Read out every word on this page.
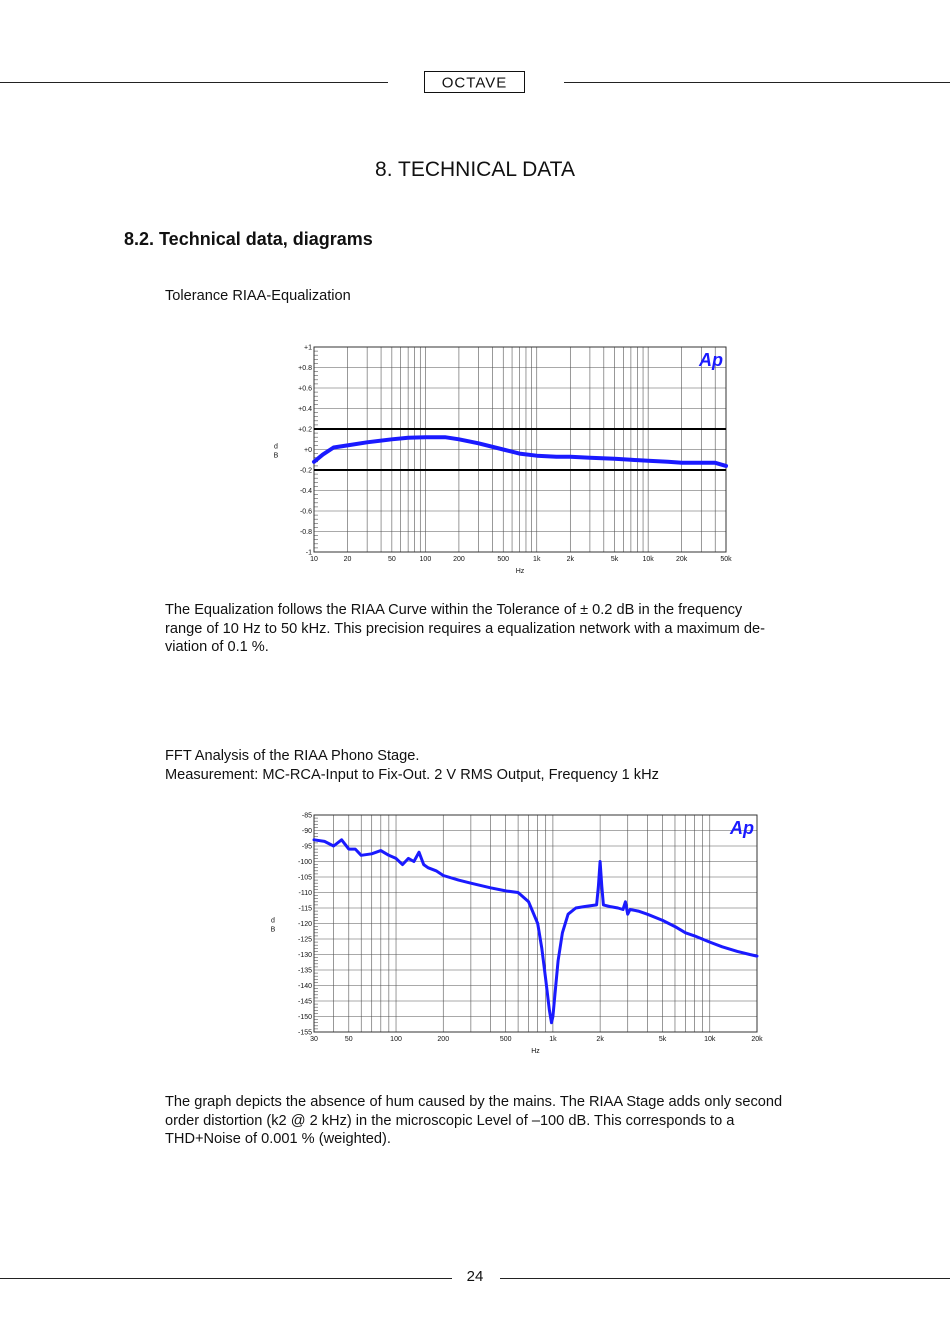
OCTAVE
8. TECHNICAL DATA
8.2. Technical data, diagrams
Tolerance RIAA-Equalization
+1
+0.8
+0.6
+0.4
+0.2
+0
-0.2
-0.4
-0.6
-0.8
-1
10	20	50	100	200	500	1k	2k	5k	10k	20k	50k
Hz
d B
Ap
The Equalization follows the RIAA Curve within the Tolerance of ± 0.2 dB in the frequency
range of 10 Hz to 50 kHz. This precision requires a equalization network with a maximum de-
viation of 0.1 %.
FFT Analysis of the RIAA Phono Stage.
Measurement: MC-RCA-Input to Fix-Out. 2 V RMS Output, Frequency 1 kHz
-85
-90
-95
-100
-105
-110
-115
-120
-125
-130
-135
-140
-145
-150
-155
30	50	100	200	500	1k	2k	5k	10k	20k
Hz
d B
Ap
The graph depicts the absence of hum caused by the mains. The RIAA Stage adds only second
order distortion (k2 @ 2 kHz) in the microscopic Level of –100 dB. This corresponds to a
THD+Noise of 0.001 % (weighted).
24
